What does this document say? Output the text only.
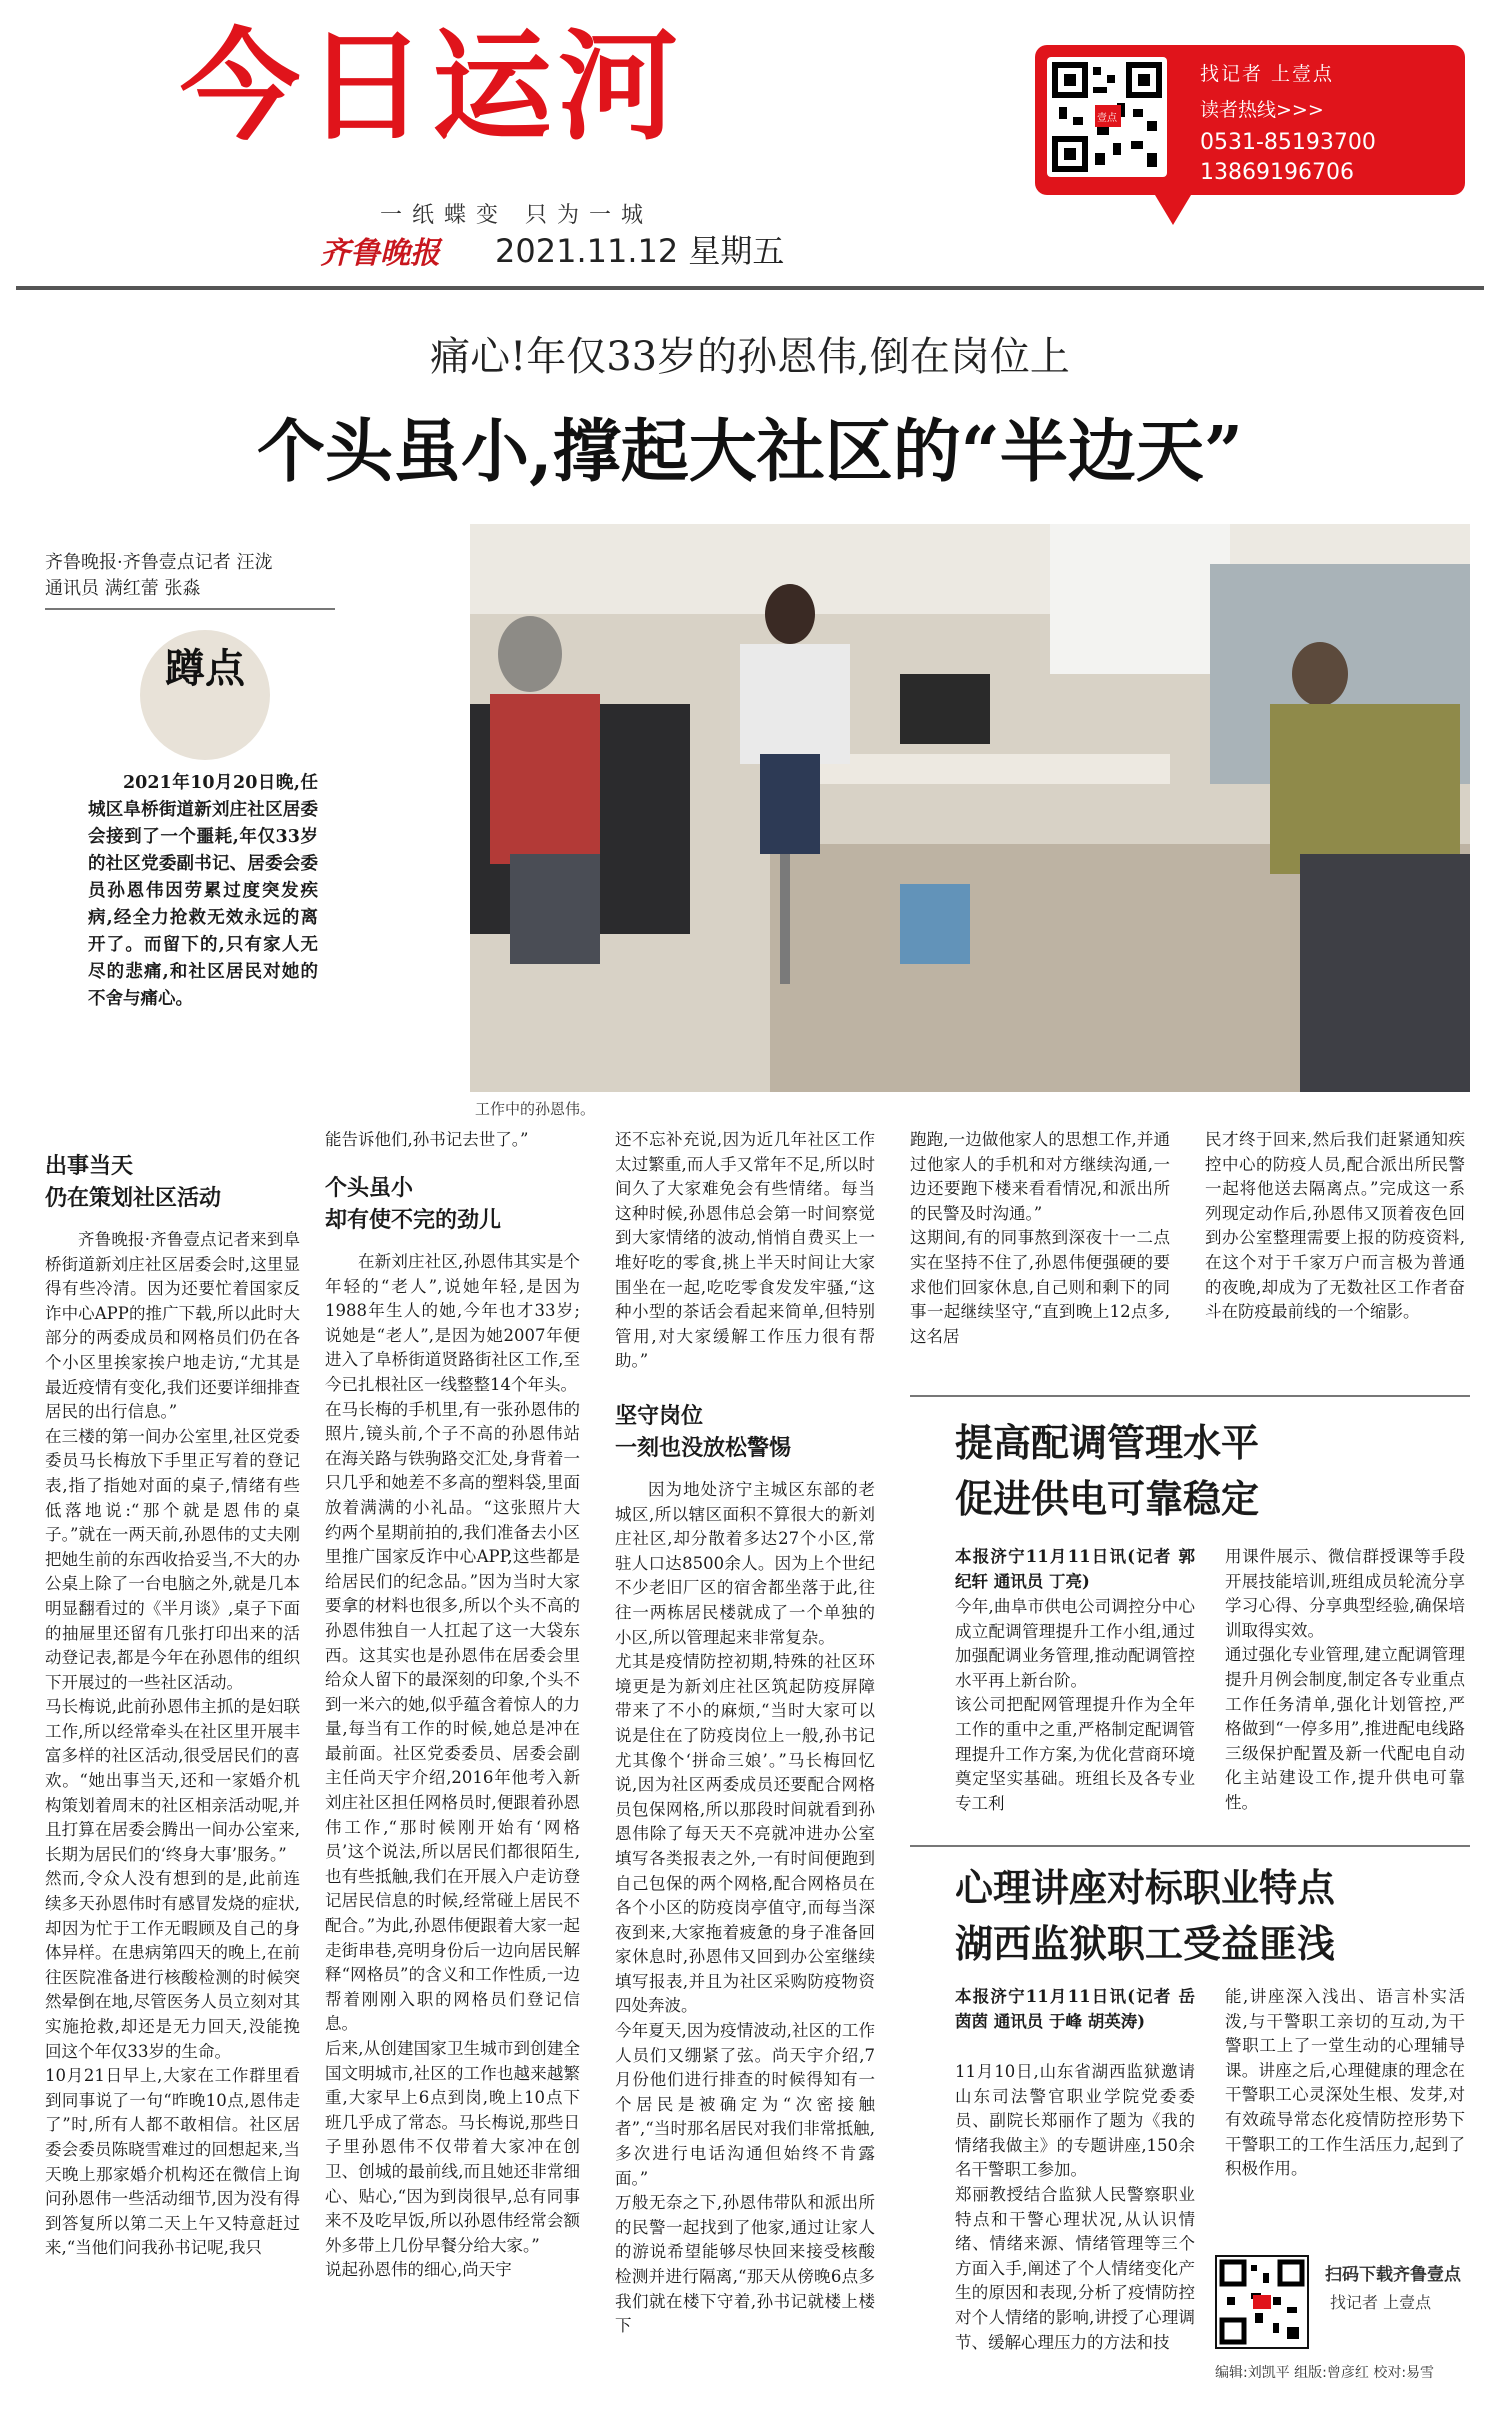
今日运河
一纸蝶变 只为一城
齐鲁晚报 2021.11.12 星期五
壹点
找记者 上壹点
读者热线>>>
0531-85193700
13869196706
痛心!年仅33岁的孙恩伟,倒在岗位上
个头虽小,撑起大社区的“半边天”
齐鲁晚报·齐鲁壹点记者 汪泷
通讯员 满红蕾 张淼
蹲点
2021年10月20日晚,任城区阜桥街道新刘庄社区居委会接到了一个噩耗,年仅33岁的社区党委副书记、居委会委员孙恩伟因劳累过度突发疾病,经全力抢救无效永远的离开了。而留下的,只有家人无尽的悲痛,和社区居民对她的不舍与痛心。
工作中的孙恩伟。
出事当天
仍在策划社区活动
齐鲁晚报·齐鲁壹点记者来到阜桥街道新刘庄社区居委会时,这里显得有些冷清。因为还要忙着国家反诈中心APP的推广下载,所以此时大部分的两委成员和网格员们仍在各个小区里挨家挨户地走访,“尤其是最近疫情有变化,我们还要详细排查居民的出行信息。”
在三楼的第一间办公室里,社区党委委员马长梅放下手里正写着的登记表,指了指她对面的桌子,情绪有些低落地说:“那个就是恩伟的桌子。”就在一两天前,孙恩伟的丈夫刚把她生前的东西收拾妥当,不大的办公桌上除了一台电脑之外,就是几本明显翻看过的《半月谈》,桌子下面的抽屉里还留有几张打印出来的活动登记表,都是今年在孙恩伟的组织下开展过的一些社区活动。
马长梅说,此前孙恩伟主抓的是妇联工作,所以经常牵头在社区里开展丰富多样的社区活动,很受居民们的喜欢。“她出事当天,还和一家婚介机构策划着周末的社区相亲活动呢,并且打算在居委会腾出一间办公室来,长期为居民们的‘终身大事’服务。”
然而,令众人没有想到的是,此前连续多天孙恩伟时有感冒发烧的症状,却因为忙于工作无暇顾及自己的身体异样。在患病第四天的晚上,在前往医院准备进行核酸检测的时候突然晕倒在地,尽管医务人员立刻对其实施抢救,却还是无力回天,没能挽回这个年仅33岁的生命。
10月21日早上,大家在工作群里看到同事说了一句“昨晚10点,恩伟走了”时,所有人都不敢相信。社区居委会委员陈晓雪难过的回想起来,当天晚上那家婚介机构还在微信上询问孙恩伟一些活动细节,因为没有得到答复所以第二天上午又特意赶过来,“当他们问我孙书记呢,我只
能告诉他们,孙书记去世了。”
个头虽小
却有使不完的劲儿
在新刘庄社区,孙恩伟其实是个年轻的“老人”,说她年轻,是因为1988年生人的她,今年也才33岁;说她是“老人”,是因为她2007年便进入了阜桥街道贤路街社区工作,至今已扎根社区一线整整14个年头。
在马长梅的手机里,有一张孙恩伟的照片,镜头前,个子不高的孙恩伟站在海关路与铁驹路交汇处,身背着一只几乎和她差不多高的塑料袋,里面放着满满的小礼品。“这张照片大约两个星期前拍的,我们准备去小区里推广国家反诈中心APP,这些都是给居民们的纪念品。”因为当时大家要拿的材料也很多,所以个头不高的孙恩伟独自一人扛起了这一大袋东西。这其实也是孙恩伟在居委会里给众人留下的最深刻的印象,个头不到一米六的她,似乎蕴含着惊人的力量,每当有工作的时候,她总是冲在最前面。社区党委委员、居委会副主任尚天宇介绍,2016年他考入新刘庄社区担任网格员时,便跟着孙恩伟工作,“那时候刚开始有‘网格员’这个说法,所以居民们都很陌生,也有些抵触,我们在开展入户走访登记居民信息的时候,经常碰上居民不配合。”为此,孙恩伟便跟着大家一起走街串巷,亮明身份后一边向居民解释“网格员”的含义和工作性质,一边帮着刚刚入职的网格员们登记信息。
后来,从创建国家卫生城市到创建全国文明城市,社区的工作也越来越繁重,大家早上6点到岗,晚上10点下班几乎成了常态。马长梅说,那些日子里孙恩伟不仅带着大家冲在创卫、创城的最前线,而且她还非常细心、贴心,“因为到岗很早,总有同事来不及吃早饭,所以孙恩伟经常会额外多带上几份早餐分给大家。”
说起孙恩伟的细心,尚天宇
还不忘补充说,因为近几年社区工作太过繁重,而人手又常年不足,所以时间久了大家难免会有些情绪。每当这种时候,孙恩伟总会第一时间察觉到大家情绪的波动,悄悄自费买上一堆好吃的零食,挑上半天时间让大家围坐在一起,吃吃零食发发牢骚,“这种小型的茶话会看起来简单,但特别管用,对大家缓解工作压力很有帮助。”
坚守岗位
一刻也没放松警惕
因为地处济宁主城区东部的老城区,所以辖区面积不算很大的新刘庄社区,却分散着多达27个小区,常驻人口达8500余人。因为上个世纪不少老旧厂区的宿舍都坐落于此,往往一两栋居民楼就成了一个单独的小区,所以管理起来非常复杂。
尤其是疫情防控初期,特殊的社区环境更是为新刘庄社区筑起防疫屏障带来了不小的麻烦,“当时大家可以说是住在了防疫岗位上一般,孙书记尤其像个‘拼命三娘’。”马长梅回忆说,因为社区两委成员还要配合网格员包保网格,所以那段时间就看到孙恩伟除了每天天不亮就冲进办公室填写各类报表之外,一有时间便跑到自己包保的两个网格,配合网格员在各个小区的防疫岗亭值守,而每当深夜到来,大家拖着疲惫的身子准备回家休息时,孙恩伟又回到办公室继续填写报表,并且为社区采购防疫物资四处奔波。
今年夏天,因为疫情波动,社区的工作人员们又绷紧了弦。尚天宇介绍,7月份他们进行排查的时候得知有一个居民是被确定为“次密接触者”,“当时那名居民对我们非常抵触,多次进行电话沟通但始终不肯露面。”
万般无奈之下,孙恩伟带队和派出所的民警一起找到了他家,通过让家人的游说希望能够尽快回来接受核酸检测并进行隔离,“那天从傍晚6点多我们就在楼下守着,孙书记就楼上楼下
跑跑,一边做他家人的思想工作,并通过他家人的手机和对方继续沟通,一边还要跑下楼来看看情况,和派出所的民警及时沟通。”
这期间,有的同事熬到深夜十一二点实在坚持不住了,孙恩伟便强硬的要求他们回家休息,自己则和剩下的同事一起继续坚守,“直到晚上12点多,这名居
民才终于回来,然后我们赶紧通知疾控中心的防疫人员,配合派出所民警一起将他送去隔离点。”完成这一系列现定动作后,孙恩伟又顶着夜色回到办公室整理需要上报的防疫资料,在这个对于千家万户而言极为普通的夜晚,却成为了无数社区工作者奋斗在防疫最前线的一个缩影。
提高配调管理水平
促进供电可靠稳定
本报济宁11月11日讯(记者 郭纪轩 通讯员 丁亮)
今年,曲阜市供电公司调控分中心成立配调管理提升工作小组,通过加强配调业务管理,推动配调管控水平再上新台阶。
该公司把配网管理提升作为全年工作的重中之重,严格制定配调管理提升工作方案,为优化营商环境奠定坚实基础。班组长及各专业专工利
用课件展示、微信群授课等手段开展技能培训,班组成员轮流分享学习心得、分享典型经验,确保培训取得实效。
通过强化专业管理,建立配调管理提升月例会制度,制定各专业重点工作任务清单,强化计划管控,严格做到“一停多用”,推进配电线路三级保护配置及新一代配电自动化主站建设工作,提升供电可靠性。
心理讲座对标职业特点
湖西监狱职工受益匪浅
本报济宁11月11日讯(记者 岳茵茵 通讯员 于峰 胡英涛)
11月10日,山东省湖西监狱邀请山东司法警官职业学院党委委员、副院长郑丽作了题为《我的情绪我做主》的专题讲座,150余名干警职工参加。
郑丽教授结合监狱人民警察职业特点和干警心理状况,从认识情绪、情绪来源、情绪管理等三个方面入手,阐述了个人情绪变化产生的原因和表现,分析了疫情防控对个人情绪的影响,讲授了心理调节、缓解心理压力的方法和技
能,讲座深入浅出、语言朴实活泼,与干警职工亲切的互动,为干警职工上了一堂生动的心理辅导课。讲座之后,心理健康的理念在干警职工心灵深处生根、发芽,对有效疏导常态化疫情防控形势下干警职工的工作生活压力,起到了积极作用。
扫码下载齐鲁壹点
找记者 上壹点
编辑:刘凯平 组版:曾彦红 校对:易雪
